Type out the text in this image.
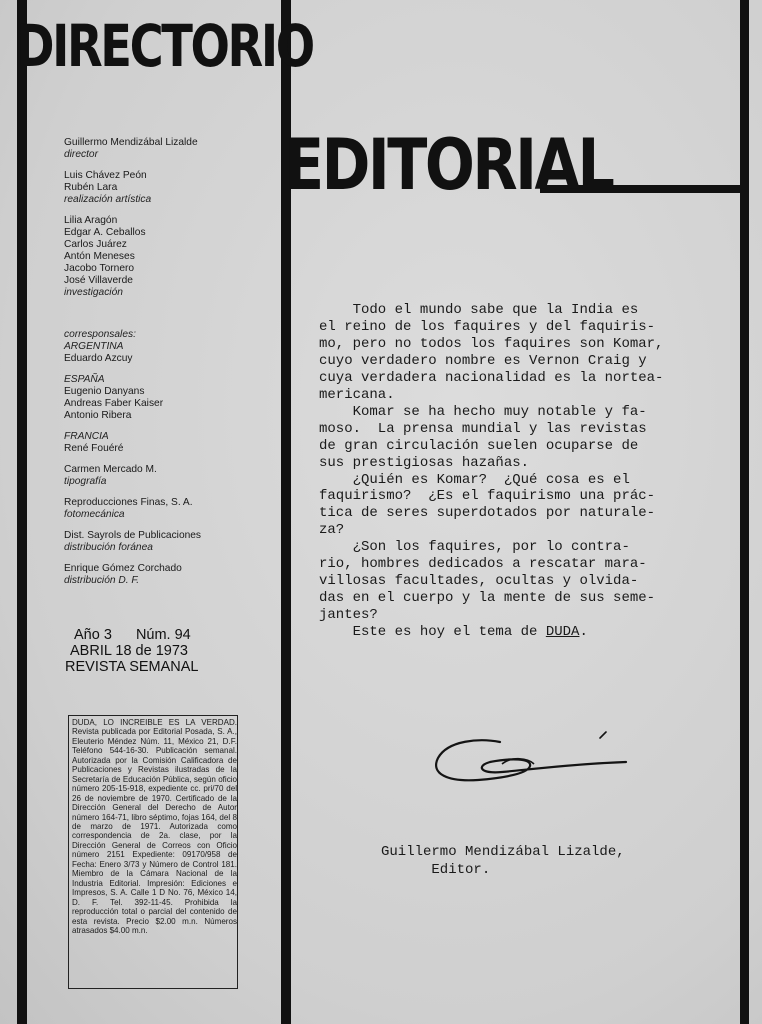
DIRECTORIO
EDITORIAL
Guillermo Mendizábal Lizalde
director
Luis Chávez Peón
Rubén Lara
realización artística
Lilia Aragón
Edgar A. Ceballos
Carlos Juárez
Antón Meneses
Jacobo Tornero
José Villaverde
investigación
corresponsales:
ARGENTINA
Eduardo Azcuy
ESPAÑA
Eugenio Danyans
Andreas Faber Kaiser
Antonio Ribera
FRANCIA
René Fouéré
Carmen Mercado M.
tipografía
Reproducciones Finas, S. A.
fotomecánica
Dist. Sayrols de Publicaciones
distribución foránea
Enrique Gómez Corchado
distribución D. F.
Año 3 Núm. 94
ABRIL 18 de 1973
REVISTA SEMANAL
DUDA, LO INCREIBLE ES LA VERDAD. Revista publicada por Editorial Posada, S. A., Eleuterio Méndez Núm. 11, México 21, D.F. Teléfono 544-16-30. Publicación semanal. Autorizada por la Comisión Calificadora de Publicaciones y Revistas ilustradas de la Secretaría de Educación Pública, según oficio número 205-15-918, expediente cc. pri/70 del 26 de noviembre de 1970. Certificado de la Dirección General del Derecho de Autor número 164-71, libro séptimo, fojas 164, del 8 de marzo de 1971. Autorizada como correspondencia de 2a. clase, por la Dirección General de Correos con Oficio número 2151 Expediente: 09170/958 de Fecha: Enero 3/73 y Número de Control 181. Miembro de la Cámara Nacional de la Industria Editorial. Impresión: Ediciones e Impresos, S. A. Calle 1 D No. 76, México 14, D. F. Tel. 392-11-45. Prohibida la reproducción total o parcial del contenido de esta revista. Precio $2.00 m.n. Números atrasados $4.00 m.n.
Todo el mundo sabe que la India es
el reino de los faquires y del faquiris-
mo, pero no todos los faquires son Komar,
cuyo verdadero nombre es Vernon Craig y
cuya verdadera nacionalidad es la nortea-
mericana.
Komar se ha hecho muy notable y fa-
moso.  La prensa mundial y las revistas
de gran circulación suelen ocuparse de
sus prestigiosas hazañas.
¿Quién es Komar?  ¿Qué cosa es el
faquirismo?  ¿Es el faquirismo una prác-
tica de seres superdotados por naturale-
za?
¿Son los faquires, por lo contra-
rio, hombres dedicados a rescatar mara-
villosas facultades, ocultas y olvida-
das en el cuerpo y la mente de sus seme-
jantes?
Este es hoy el tema de DUDA.
Guillermo Mendizábal Lizalde,
Editor.
